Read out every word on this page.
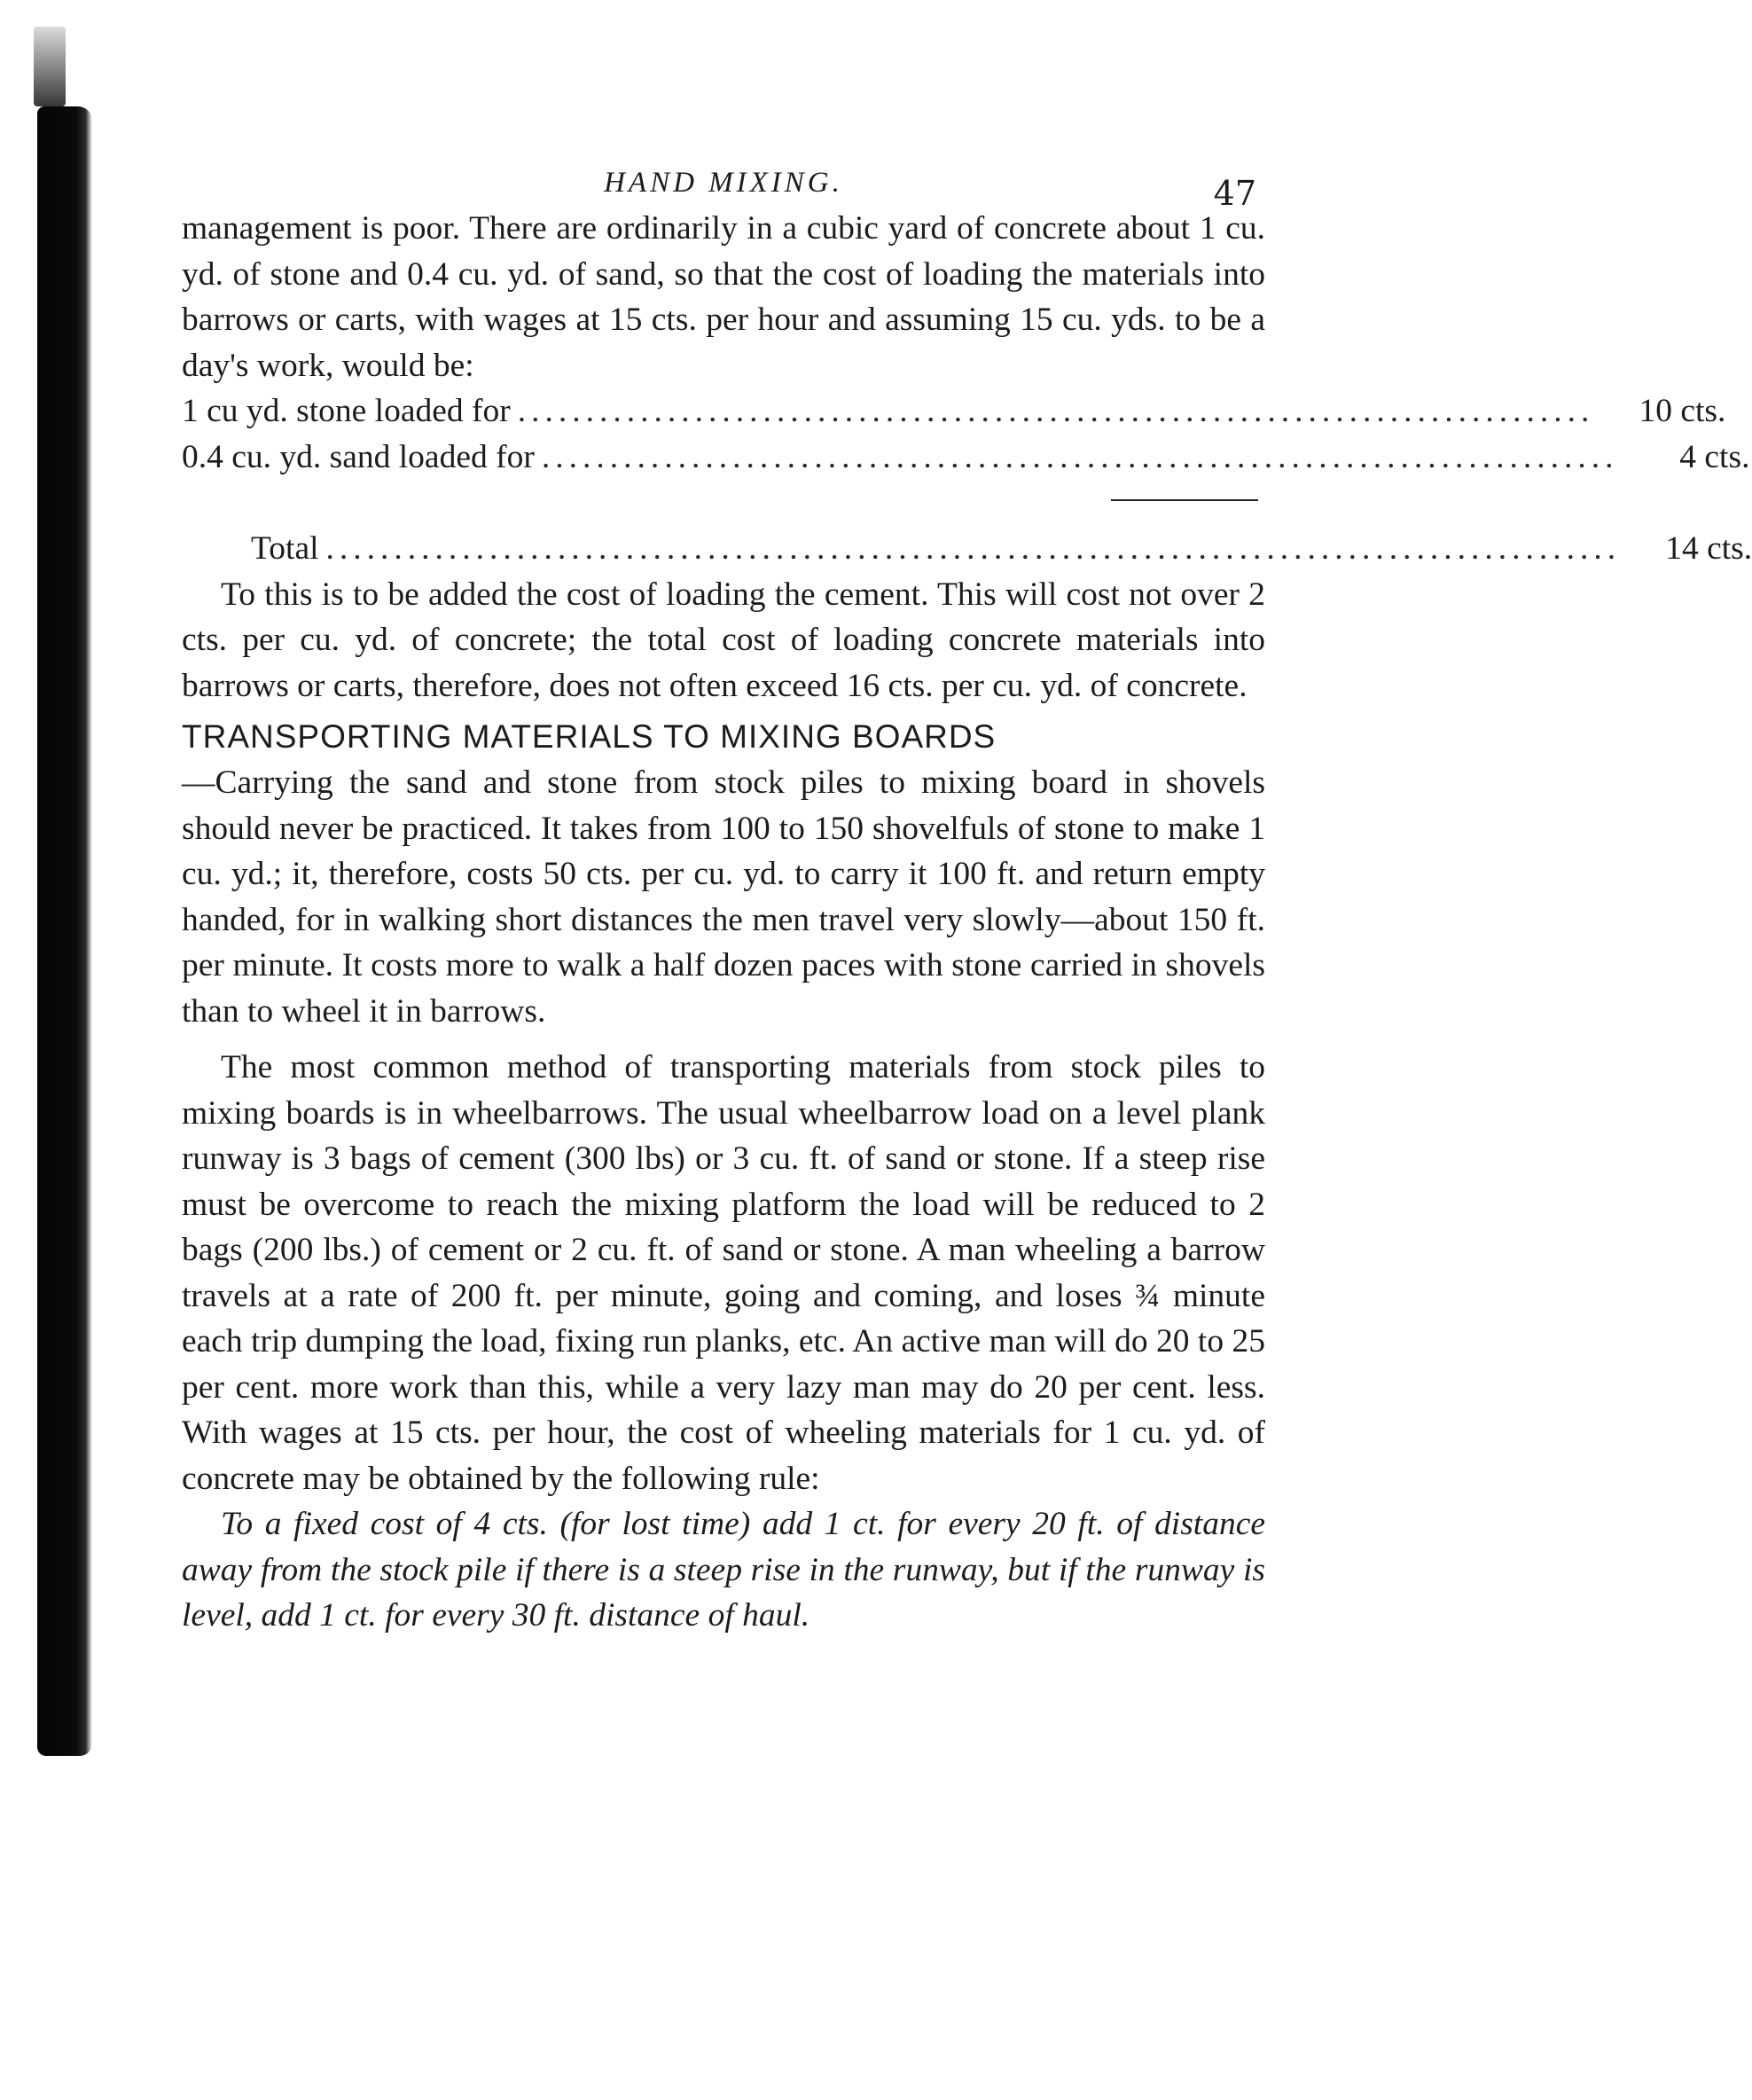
HAND MIXING.	47

management is poor. There are ordinarily in a cubic yard of concrete about 1 cu. yd. of stone and 0.4 cu. yd. of sand, so that the cost of loading the materials into barrows or carts, with wages at 15 cts. per hour and assuming 15 cu. yds. to be a day's work, would be:

1 cu yd. stone loaded for ...............................................................................	10 cts.
0.4 cu. yd. sand loaded for ...............................................................................	4 cts.
Total ...............................................................................................	14 cts.

To this is to be added the cost of loading the cement. This will cost not over 2 cts. per cu. yd. of concrete; the total cost of loading concrete materials into barrows or carts, therefore, does not often exceed 16 cts. per cu. yd. of concrete.

TRANSPORTING MATERIALS TO MIXING BOARDS

—Carrying the sand and stone from stock piles to mixing board in shovels should never be practiced. It takes from 100 to 150 shovelfuls of stone to make 1 cu. yd.; it, therefore, costs 50 cts. per cu. yd. to carry it 100 ft. and return empty handed, for in walking short distances the men travel very slowly—about 150 ft. per minute. It costs more to walk a half dozen paces with stone carried in shovels than to wheel it in barrows.

The most common method of transporting materials from stock piles to mixing boards is in wheelbarrows. The usual wheelbarrow load on a level plank runway is 3 bags of cement (300 lbs) or 3 cu. ft. of sand or stone. If a steep rise must be overcome to reach the mixing platform the load will be reduced to 2 bags (200 lbs.) of cement or 2 cu. ft. of sand or stone. A man wheeling a barrow travels at a rate of 200 ft. per minute, going and coming, and loses ¾ minute each trip dumping the load, fixing run planks, etc. An active man will do 20 to 25 per cent. more work than this, while a very lazy man may do 20 per cent. less. With wages at 15 cts. per hour, the cost of wheeling materials for 1 cu. yd. of concrete may be obtained by the following rule:

To a fixed cost of 4 cts. (for lost time) add 1 ct. for every 20 ft. of distance away from the stock pile if there is a steep rise in the runway, but if the runway is level, add 1 ct. for every 30 ft. distance of haul.
